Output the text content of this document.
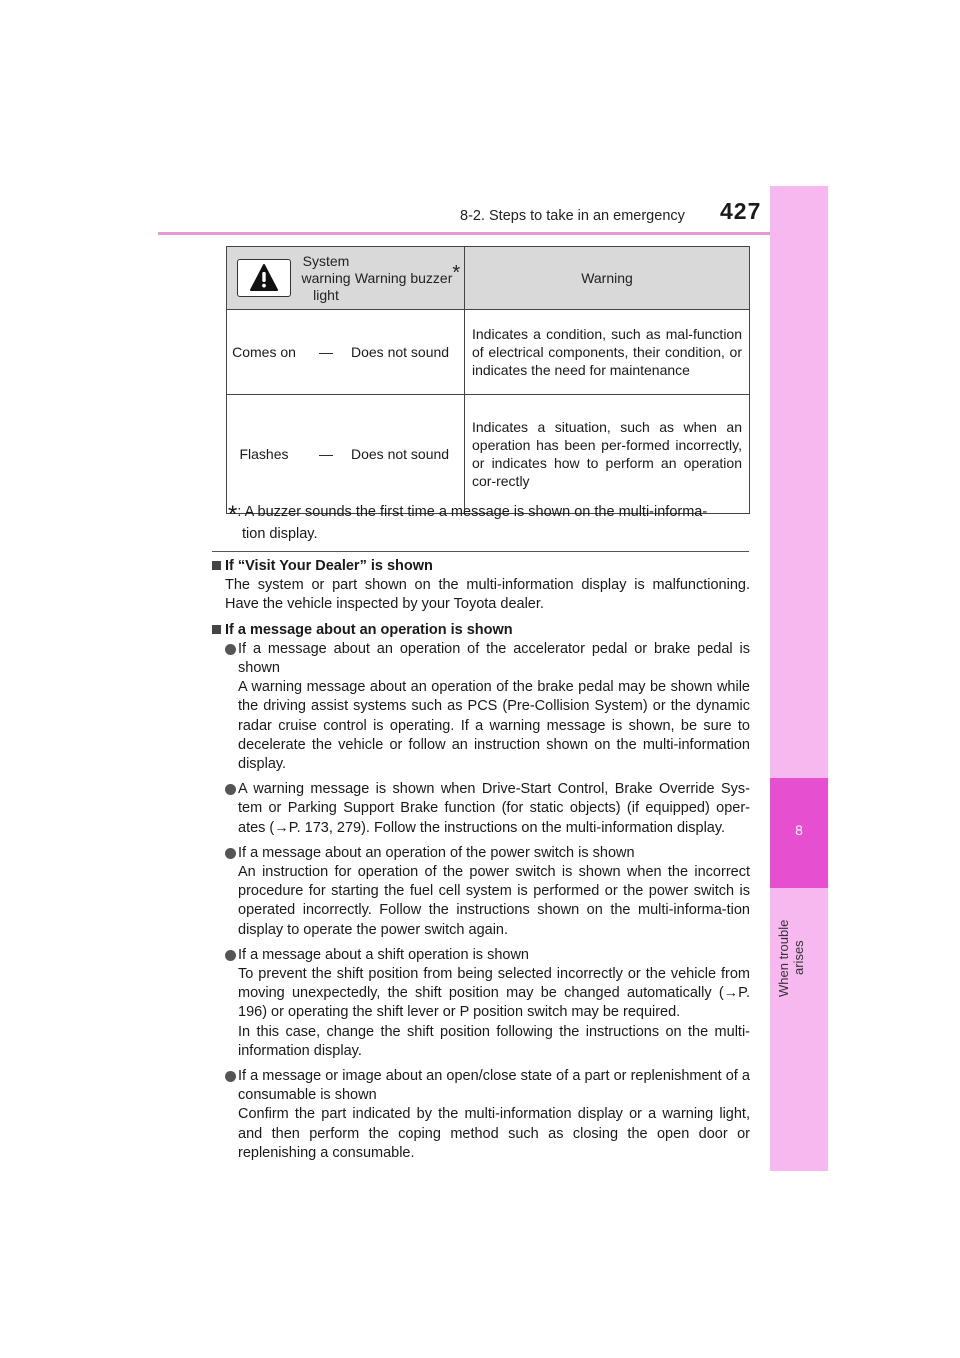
8-2. Steps to take in an emergency 427
8
When trouble arises
	System warning light	Warning buzzer*	Warning
Comes on	—	Does not sound	Indicates a condition, such as mal-function of electrical components, their condition, or indicates the need for maintenance
Flashes	—	Does not sound	Indicates a situation, such as when an operation has been per-formed incorrectly, or indicates how to perform an operation cor-rectly
*: A buzzer sounds the first time a message is shown on the multi-informa-
tion display.

If “Visit Your Dealer” is shown

The system or part shown on the multi-information display is malfunctioning. Have the vehicle inspected by your Toyota dealer.

If a message about an operation is shown

If a message about an operation of the accelerator pedal or brake pedal is shown

A warning message about an operation of the brake pedal may be shown while the driving assist systems such as PCS (Pre-Collision System) or the dynamic radar cruise control is operating. If a warning message is shown, be sure to decelerate the vehicle or follow an instruction shown on the multi-information display.

A warning message is shown when Drive-Start Control, Brake Override Sys-tem or Parking Support Brake function (for static objects) (if equipped) oper-ates (→P. 173, 279). Follow the instructions on the multi-information display.

If a message about an operation of the power switch is shown

An instruction for operation of the power switch is shown when the incorrect procedure for starting the fuel cell system is performed or the power switch is operated incorrectly. Follow the instructions shown on the multi-informa-tion display to operate the power switch again.

If a message about a shift operation is shown

To prevent the shift position from being selected incorrectly or the vehicle from moving unexpectedly, the shift position may be changed automatically (→P. 196) or operating the shift lever or P position switch may be required.

In this case, change the shift position following the instructions on the multi-information display.

If a message or image about an open/close state of a part or replenishment of a consumable is shown

Confirm the part indicated by the multi-information display or a warning light, and then perform the coping method such as closing the open door or replenishing a consumable.
